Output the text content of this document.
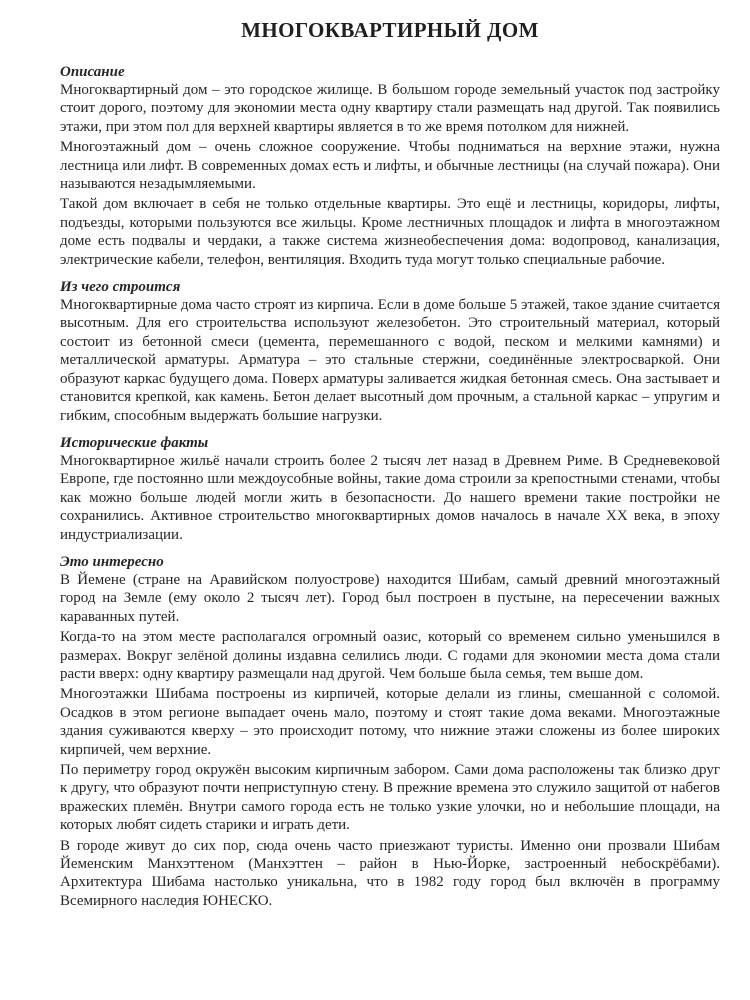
МНОГОКВАРТИРНЫЙ ДОМ

Описание

Многоквартирный дом – это городское жилище. В большом городе земельный участок под застройку стоит дорого, поэтому для экономии места одну квартиру стали размещать над другой. Так появились этажи, при этом пол для верхней квартиры является в то же время потолком для нижней.

Многоэтажный дом – очень сложное сооружение. Чтобы подниматься на верхние этажи, нужна лестница или лифт. В современных домах есть и лифты, и обычные лестницы (на случай пожара). Они называются незадымляемыми.

Такой дом включает в себя не только отдельные квартиры. Это ещё и лестницы, коридоры, лифты, подъезды, которыми пользуются все жильцы. Кроме лестничных площадок и лифта в многоэтажном доме есть подвалы и чердаки, а также система жизнеобеспечения дома: водопровод, канализация, электрические кабели, телефон, вентиляция. Входить туда могут только специальные рабочие.

Из чего строится

Многоквартирные дома часто строят из кирпича. Если в доме больше 5 этажей, такое здание считается высотным. Для его строительства используют железобетон. Это строительный материал, который состоит из бетонной смеси (цемента, перемешанного с водой, песком и мелкими камнями) и металлической арматуры. Арматура – это стальные стержни, соединённые электросваркой. Они образуют каркас будущего дома. Поверх арматуры заливается жидкая бетонная смесь. Она застывает и становится крепкой, как камень. Бетон делает высотный дом прочным, а стальной каркас – упругим и гибким, способным выдержать большие нагрузки.

Исторические факты

Многоквартирное жильё начали строить более 2 тысяч лет назад в Древнем Риме. В Средневековой Европе, где постоянно шли междоусобные войны, такие дома строили за крепостными стенами, чтобы как можно больше людей могли жить в безопасности. До нашего времени такие постройки не сохранились. Активное строительство многоквартирных домов началось в начале XX века, в эпоху индустриализации.

Это интересно

В Йемене (стране на Аравийском полуострове) находится Шибам, самый древний многоэтажный город на Земле (ему около 2 тысяч лет). Город был построен в пустыне, на пересечении важных караванных путей.

Когда-то на этом месте располагался огромный оазис, который со временем сильно уменьшился в размерах. Вокруг зелёной долины издавна селились люди. С годами для экономии места дома стали расти вверх: одну квартиру размещали над другой. Чем больше была семья, тем выше дом.

Многоэтажки Шибама построены из кирпичей, которые делали из глины, смешанной с соломой. Осадков в этом регионе выпадает очень мало, поэтому и стоят такие дома веками. Многоэтажные здания суживаются кверху – это происходит потому, что нижние этажи сложены из более широких кирпичей, чем верхние.

По периметру город окружён высоким кирпичным забором. Сами дома расположены так близко друг к другу, что образуют почти неприступную стену. В прежние времена это служило защитой от набегов вражеских племён. Внутри самого города есть не только узкие улочки, но и небольшие площади, на которых любят сидеть старики и играть дети.

В городе живут до сих пор, сюда очень часто приезжают туристы. Именно они прозвали Шибам Йеменским Манхэттеном (Манхэттен – район в Нью-Йорке, застроенный небоскрёбами). Архитектура Шибама настолько уникальна, что в 1982 году город был включён в программу Всемирного наследия ЮНЕСКО.
